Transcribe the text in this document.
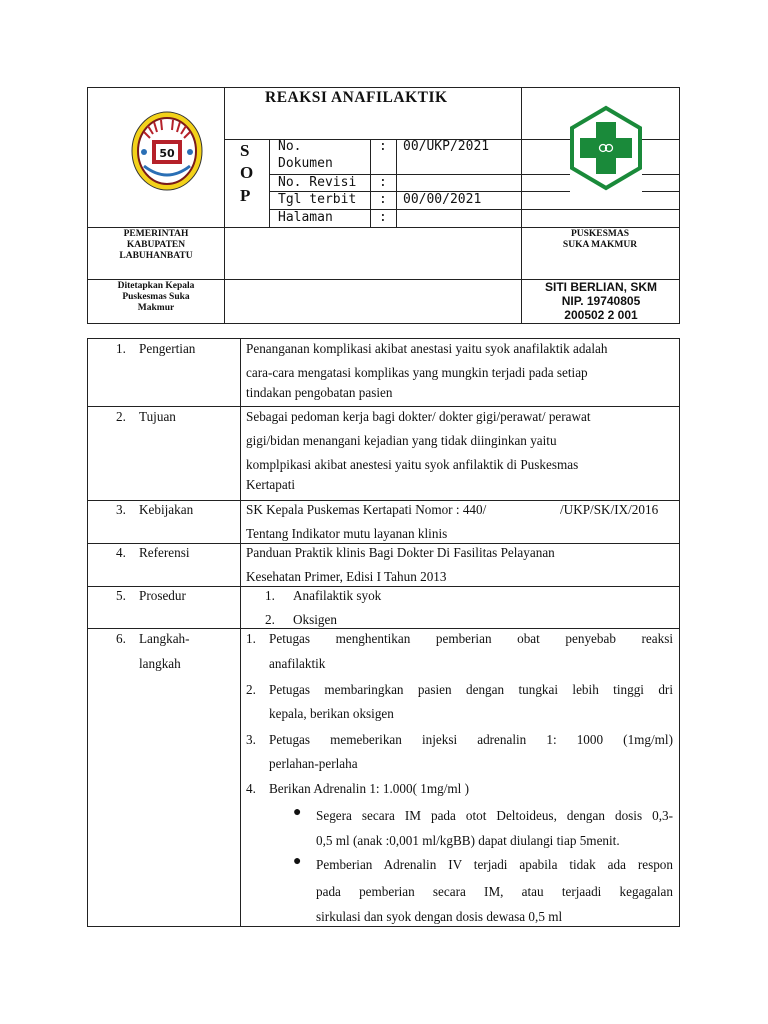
50
REAKSI ANAFILAKTIK
S
O
P
No.
Dokumen
: 00/UKP/2021
No. Revisi :
Tgl terbit : 00/00/2021
Halaman	:
PEMERINTAH
KABUPATEN
LABUHANBATU
PUSKESMAS
SUKA MAKMUR
Ditetapkan Kepala
Puskesmas Suka
Makmur
SITI BERLIAN, SKM
NIP. 19740805
200502 2 001
1. Pengertian	Penanganan komplikasi akibat anestasi yaitu syok anafilaktik adalah
cara-cara mengatasi komplikas yang mungkin terjadi pada setiap
tindakan pengobatan pasien
2. Tujuan	Sebagai pedoman kerja bagi dokter/ dokter gigi/perawat/ perawat
gigi/bidan menangani kejadian yang tidak diinginkan yaitu
komplpikasi akibat anestesi yaitu syok anfilaktik di Puskesmas
Kertapati
3. Kebijakan	SK Kepala Puskemas Kertapati Nomor : 440/	/UKP/SK/IX/2016
Tentang Indikator mutu layanan klinis
4. Referensi	Panduan Praktik klinis Bagi Dokter Di Fasilitas Pelayanan
Kesehatan Primer, Edisi I Tahun 2013
5. Prosedur	1. Anafilaktik syok
2. Oksigen
6. Langkah-
langkah
1. Petugas menghentikan pemberian obat penyebab reaksi
anafilaktik
2. Petugas membaringkan pasien dengan tungkai lebih tinggi dri
kepala, berikan oksigen
3. Petugas memeberikan injeksi adrenalin 1: 1000 (1mg/ml)
perlahan-perlaha
4. Berikan Adrenalin 1: 1.000( 1mg/ml )
● Segera secara IM pada otot Deltoideus, dengan dosis 0,3-
0,5 ml (anak :0,001 ml/kgBB) dapat diulangi tiap 5menit.
● Pemberian Adrenalin IV terjadi apabila tidak ada respon
pada pemberian secara IM, atau terjaadi kegagalan
sirkulasi dan syok dengan dosis dewasa 0,5 ml
